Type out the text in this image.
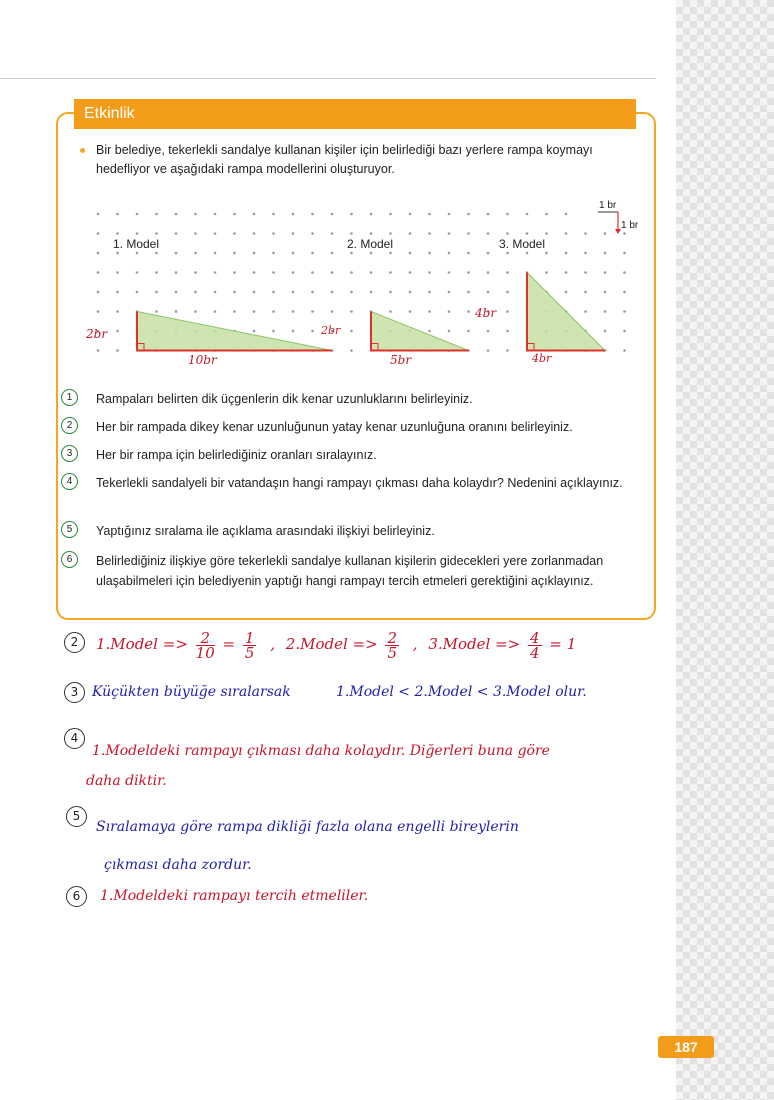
Etkinlik
Bir belediye, tekerlekli sandalye kullanan kişiler için belirlediği bazı yerlere rampa koymayı hedefliyor ve aşağıdaki rampa modellerini oluşturuyor.
1 br
1 br
1. Model	2. Model	3. Model
2br
10br
2br
5br
4br
4br
1	Rampaları belirten dik üçgenlerin dik kenar uzunluklarını belirleyiniz.
2	Her bir rampada dikey kenar uzunluğunun yatay kenar uzunluğuna oranını belirleyiniz.
3	Her bir rampa için belirlediğiniz oranları sıralayınız.
4	Tekerlekli sandalyeli bir vatandaşın hangi rampayı çıkması daha kolaydır? Nedenini açıklayınız.
5	Yaptığınız sıralama ile açıklama arasındaki ilişkiyi belirleyiniz.
6	Belirlediğiniz ilişkiye göre tekerlekli sandalye kullanan kişilerin gidecekleri yere zorlanmadan ulaşabilmeleri için belediyenin yaptığı hangi rampayı tercih etmeleri gerektiğini açıklayınız.
2	1.Model => $\frac{2}{10} = \frac{1}{5}$ , 2.Model => $\frac{2}{5}$ , 3.Model => $\frac{4}{4} = 1$
3 Küçükten büyüğe sıralarsak	1.Model < 2.Model < 3.Model olur.
4
1.Modeldeki rampayı çıkması daha kolaydır. Diğerleri buna göre
daha diktir.
5
Sıralamaya göre rampa dikliği fazla olana engelli bireylerin
çıkması daha zordur.
6	1.Modeldeki rampayı tercih etmeliler.
187
